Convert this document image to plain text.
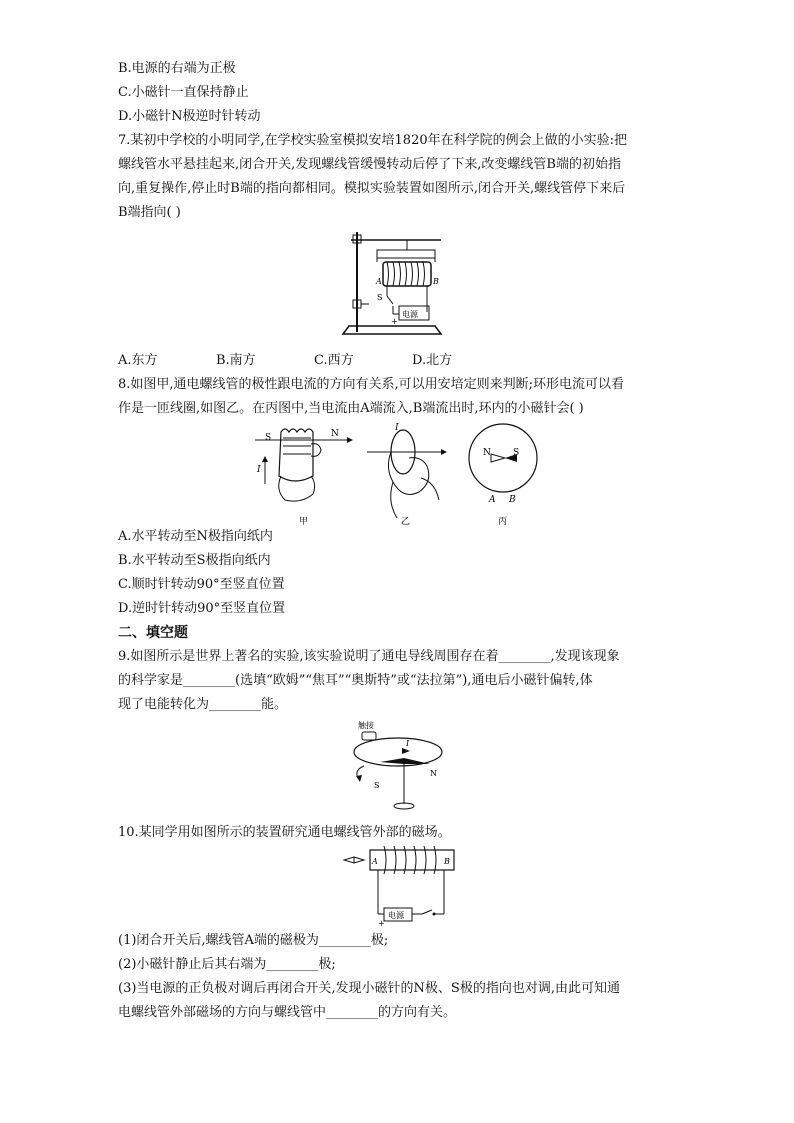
B.电源的右端为正极
C.小磁针一直保持静止
D.小磁针N极逆时针转动
7.某初中学校的小明同学,在学校实验室模拟安培1820年在科学院的例会上做的小实验:把
螺线管水平悬挂起来,闭合开关,发现螺线管缓慢转动后停了下来,改变螺线管B端的初始指
向,重复操作,停止时B端的指向都相同。模拟实验装置如图所示,闭合开关,螺线管停下来后
B端指向( )
A	B
S
+
电源
A.东方	B.南方	C.西方	D.北方
8.如图甲,通电螺线管的极性跟电流的方向有关系,可以用安培定则来判断;环形电流可以看
作是一匝线圈,如图乙。在丙图中,当电流由A端流入,B端流出时,环内的小磁针会( )
S	N
I
甲
I
乙
N S
A B
丙
A.水平转动至N极指向纸内
B.水平转动至S极指向纸内
C.顺时针转动90°至竖直位置
D.逆时针转动90°至竖直位置
二、填空题
9.如图所示是世界上著名的实验,该实验说明了通电导线周围存在着________,发现该现象
的科学家是________(选填“欧姆”“焦耳”“奥斯特”或“法拉第”),通电后小磁针偏转,体
现了电能转化为________能。
触接
I
S
N
10.某同学用如图所示的装置研究通电螺线管外部的磁场。
A	B
电源
+
(1)闭合开关后,螺线管A端的磁极为________极;
(2)小磁针静止后其右端为________极;
(3)当电源的正负极对调后再闭合开关,发现小磁针的N极、S极的指向也对调,由此可知通
电螺线管外部磁场的方向与螺线管中________的方向有关。
